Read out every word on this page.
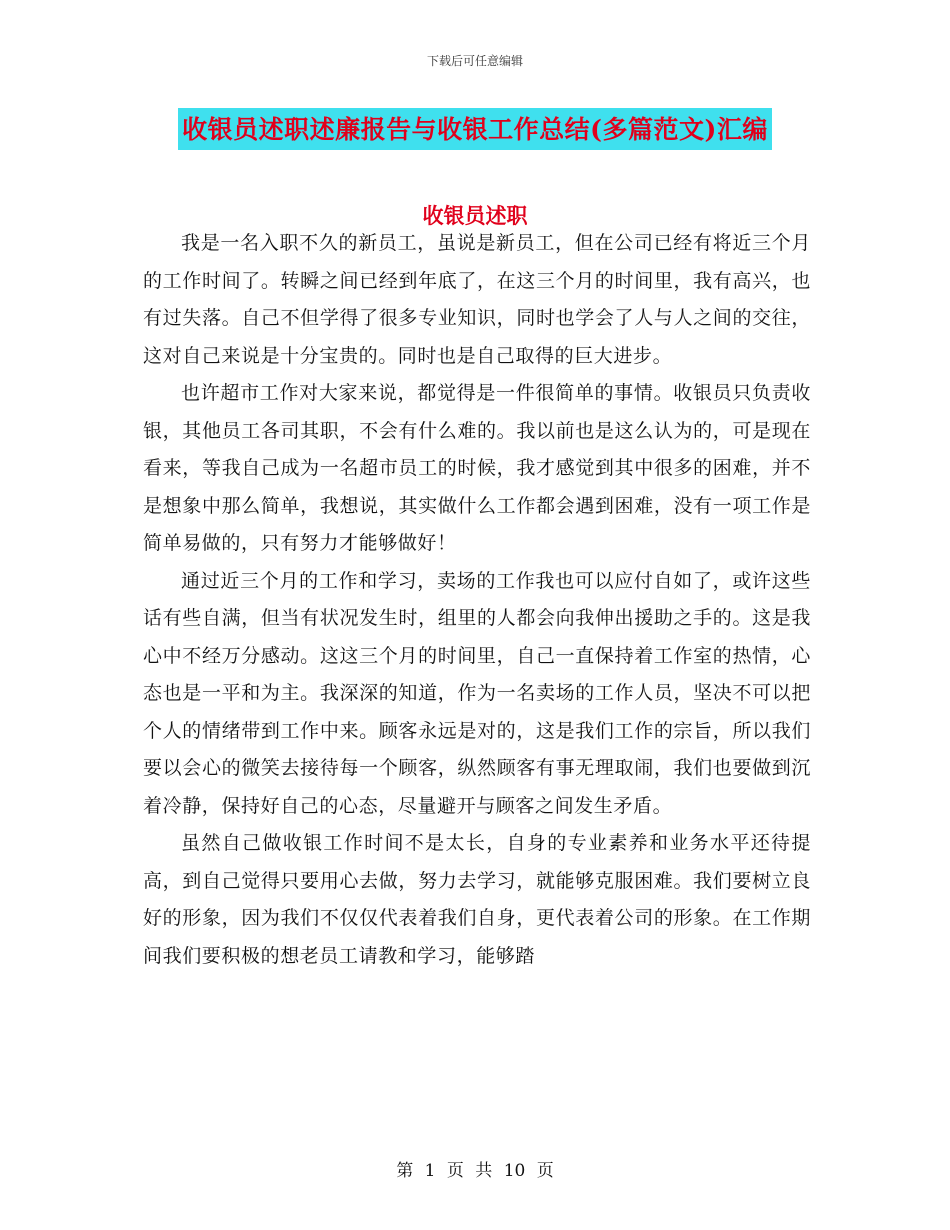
下载后可任意编辑
收银员述职述廉报告与收银工作总结(多篇范文)汇编
收银员述职

我是一名入职不久的新员工，虽说是新员工，但在公司已经有将近三个月的工作时间了。转瞬之间已经到年底了，在这三个月的时间里，我有高兴，也有过失落。自己不但学得了很多专业知识，同时也学会了人与人之间的交往，这对自己来说是十分宝贵的。同时也是自己取得的巨大进步。

也许超市工作对大家来说，都觉得是一件很简单的事情。收银员只负责收银，其他员工各司其职，不会有什么难的。我以前也是这么认为的，可是现在看来，等我自己成为一名超市员工的时候，我才感觉到其中很多的困难，并不是想象中那么简单，我想说，其实做什么工作都会遇到困难，没有一项工作是简单易做的，只有努力才能够做好！

通过近三个月的工作和学习，卖场的工作我也可以应付自如了，或许这些话有些自满，但当有状况发生时，组里的人都会向我伸出援助之手的。这是我心中不经万分感动。这这三个月的时间里，自己一直保持着工作室的热情，心态也是一平和为主。我深深的知道，作为一名卖场的工作人员，坚决不可以把个人的情绪带到工作中来。顾客永远是对的，这是我们工作的宗旨，所以我们要以会心的微笑去接待每一个顾客，纵然顾客有事无理取闹，我们也要做到沉着冷静，保持好自己的心态，尽量避开与顾客之间发生矛盾。

虽然自己做收银工作时间不是太长，自身的专业素养和业务水平还待提高，到自己觉得只要用心去做，努力去学习，就能够克服困难。我们要树立良好的形象，因为我们不仅仅代表着我们自身，更代表着公司的形象。在工作期间我们要积极的想老员工请教和学习，能够踏

第 1 页 共 10 页
